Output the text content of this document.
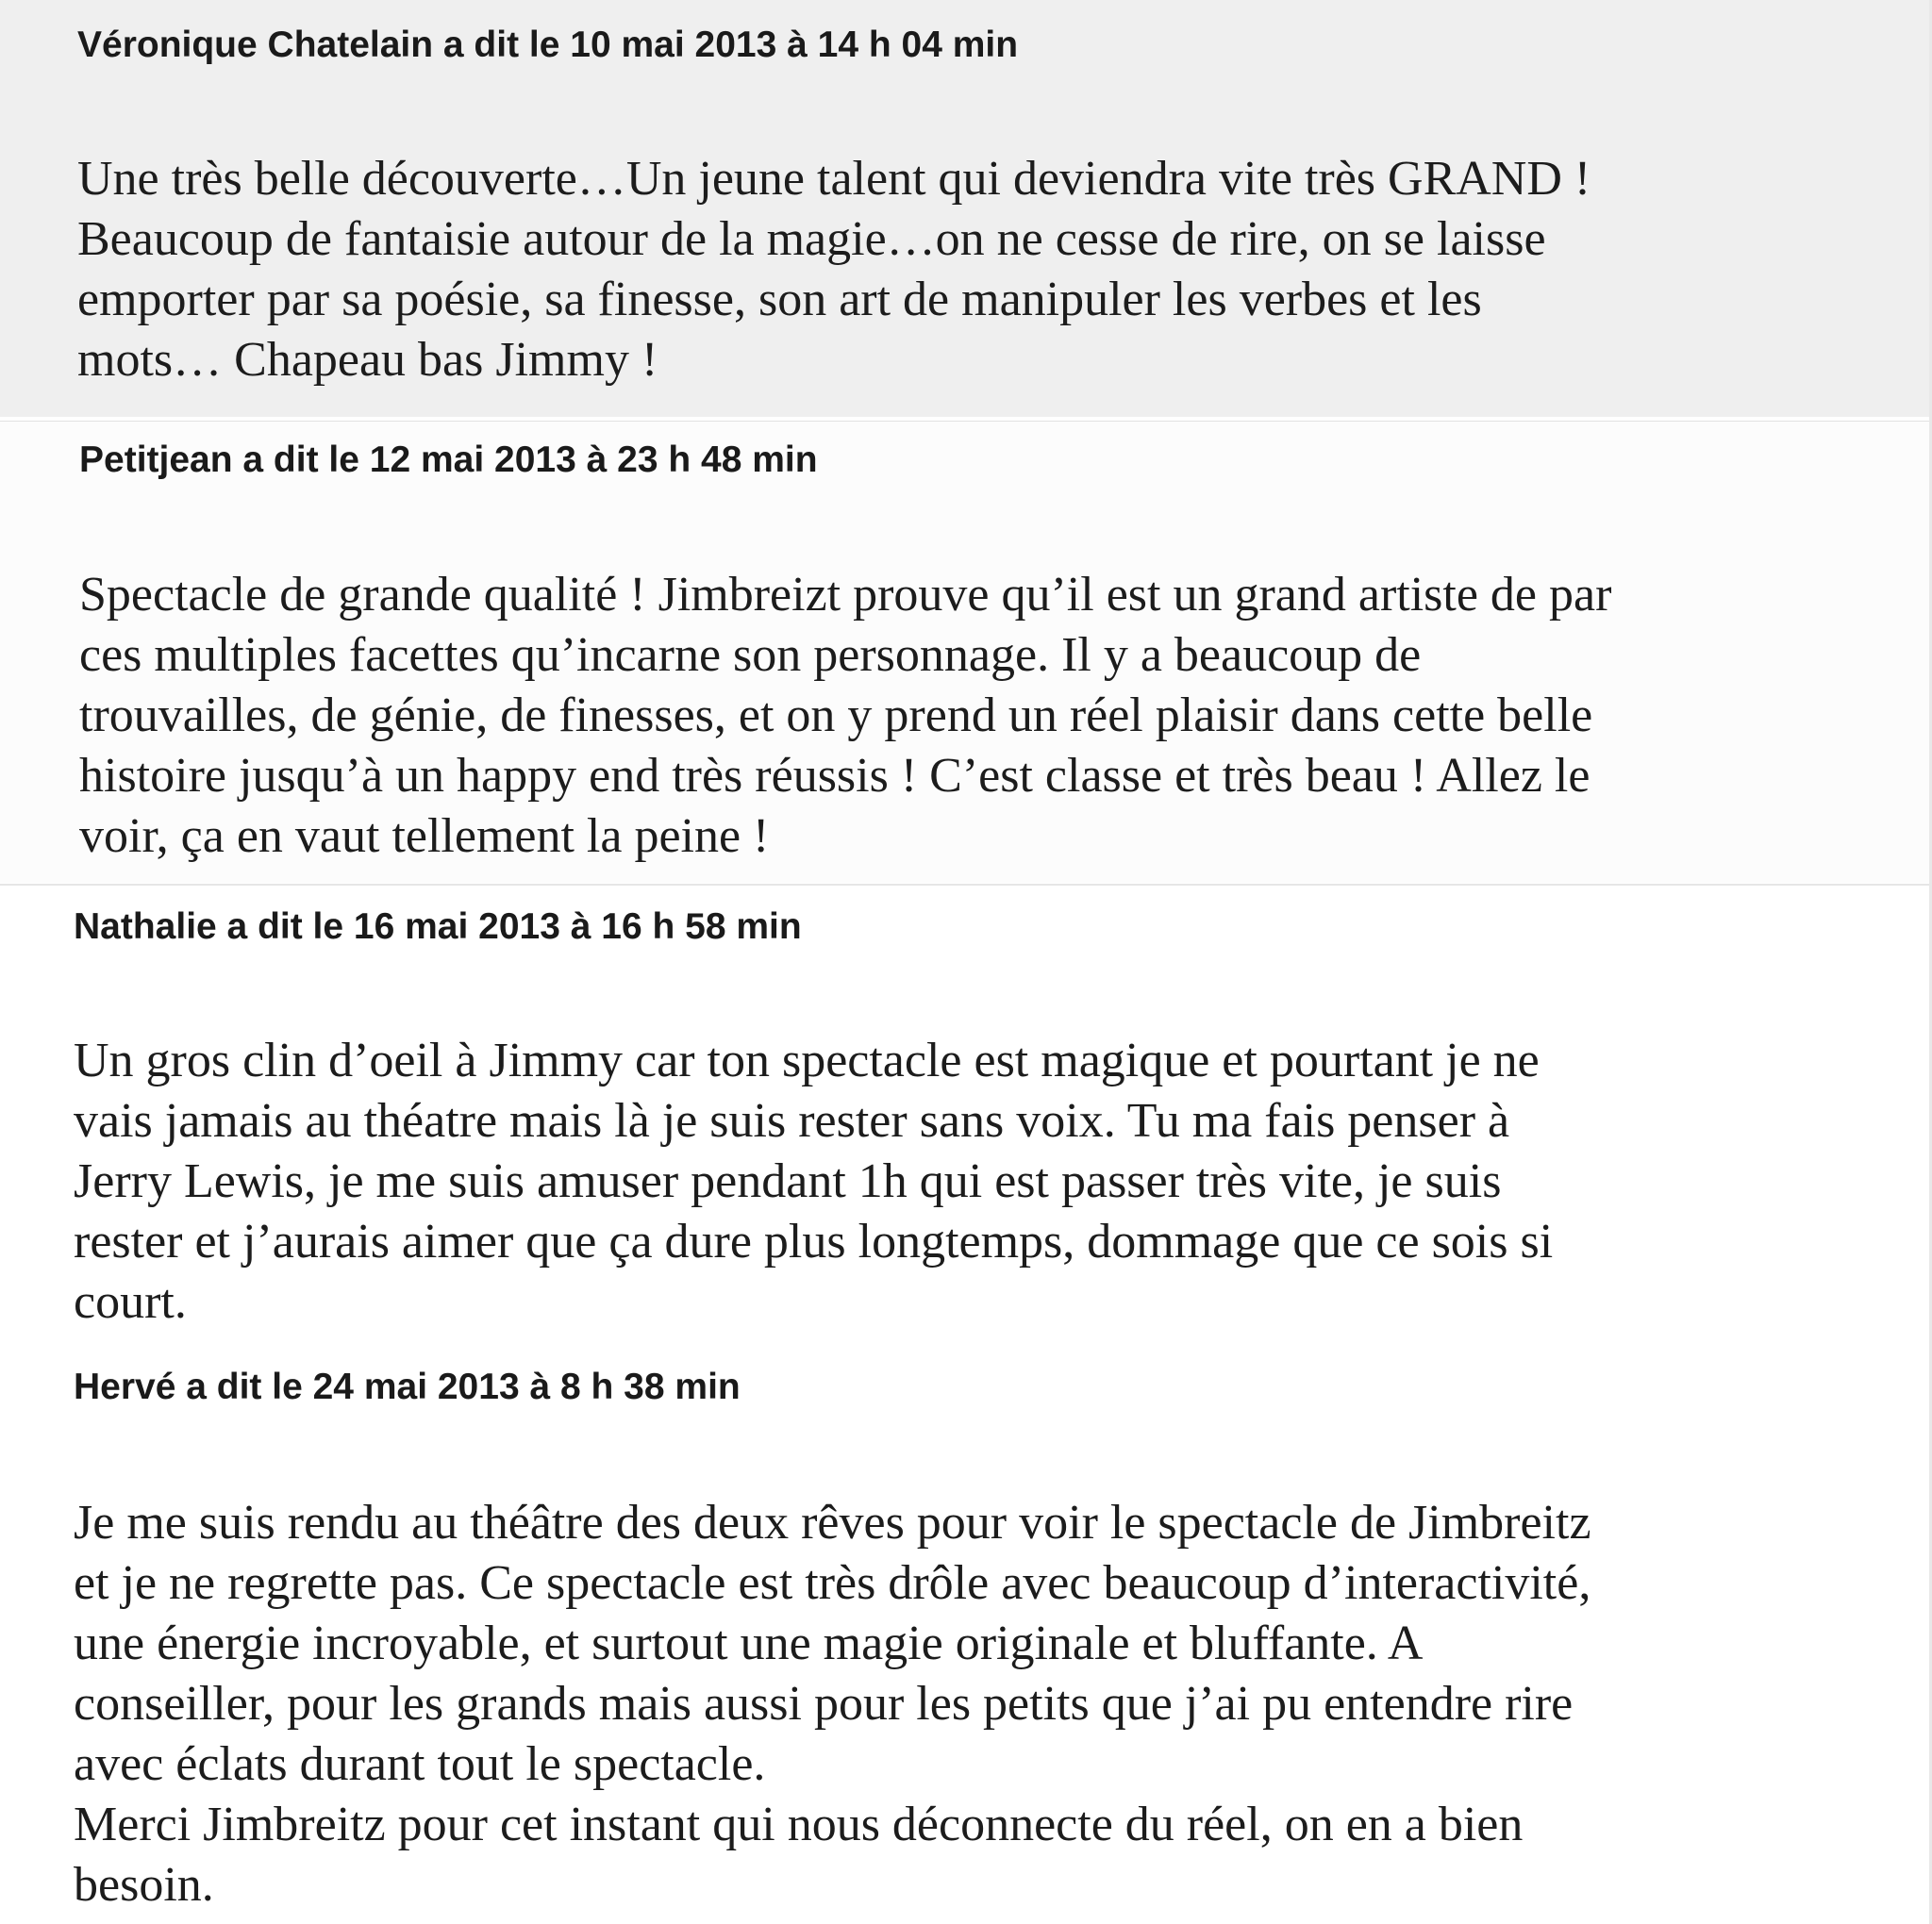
Véronique Chatelain a dit le 10 mai 2013 à 14 h 04 min

Une très belle découverte…Un jeune talent qui deviendra vite très GRAND !
Beaucoup de fantaisie autour de la magie…on ne cesse de rire, on se laisse
emporter par sa poésie, sa finesse, son art de manipuler les verbes et les
mots… Chapeau bas Jimmy !

Petitjean a dit le 12 mai 2013 à 23 h 48 min

Spectacle de grande qualité ! Jimbreizt prouve qu’il est un grand artiste de par
ces multiples facettes qu’incarne son personnage. Il y a beaucoup de
trouvailles, de génie, de finesses, et on y prend un réel plaisir dans cette belle
histoire jusqu’à un happy end très réussis ! C’est classe et très beau ! Allez le
voir, ça en vaut tellement la peine !

Nathalie a dit le 16 mai 2013 à 16 h 58 min

Un gros clin d’oeil à Jimmy car ton spectacle est magique et pourtant je ne
vais jamais au théatre mais là je suis rester sans voix. Tu ma fais penser à
Jerry Lewis, je me suis amuser pendant 1h qui est passer très vite, je suis
rester et j’aurais aimer que ça dure plus longtemps, dommage que ce sois si
court.

Hervé a dit le 24 mai 2013 à 8 h 38 min

Je me suis rendu au théâtre des deux rêves pour voir le spectacle de Jimbreitz
et je ne regrette pas. Ce spectacle est très drôle avec beaucoup d’interactivité,
une énergie incroyable, et surtout une magie originale et bluffante. A
conseiller, pour les grands mais aussi pour les petits que j’ai pu entendre rire
avec éclats durant tout le spectacle.
Merci Jimbreitz pour cet instant qui nous déconnecte du réel, on en a bien
besoin.
